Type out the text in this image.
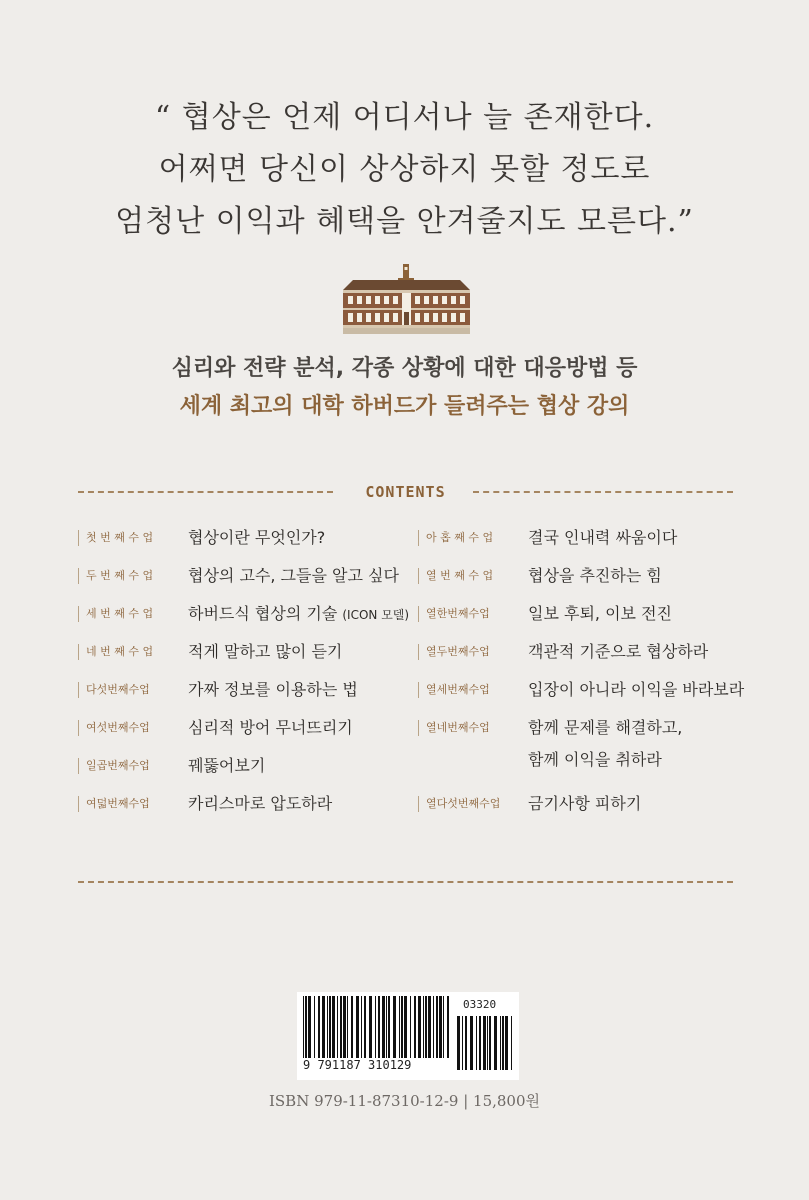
“ 협상은 언제 어디서나 늘 존재한다.
어쩌면 당신이 상상하지 못할 정도로
엄청난 이익과 혜택을 안겨줄지도 모른다.”
심리와 전략 분석, 각종 상황에 대한 대응방법 등
세계 최고의 대학 하버드가 들려주는 협상 강의
CONTENTS
첫 번 째 수 업	협상이란 무엇인가?
두 번 째 수 업	협상의 고수, 그들을 알고 싶다
세 번 째 수 업	하버드식 협상의 기술 (ICON 모델)
네 번 째 수 업	적게 말하고 많이 듣기
다섯번째수업	가짜 정보를 이용하는 법
여섯번째수업	심리적 방어 무너뜨리기
일곱번째수업	꿰뚫어보기
여덟번째수업	카리스마로 압도하라
아 홉 째 수 업	결국 인내력 싸움이다
열 번 째 수 업	협상을 추진하는 힘
열한번째수업	일보 후퇴, 이보 전진
열두번째수업	객관적 기준으로 협상하라
열세번째수업	입장이 아니라 이익을 바라보라
열네번째수업	함께 문제를 해결하고,
함께 이익을 취하라
열다섯번째수업	금기사항 피하기
03320
9 791187 310129
ISBN 979-11-87310-12-9 | 15,800원
